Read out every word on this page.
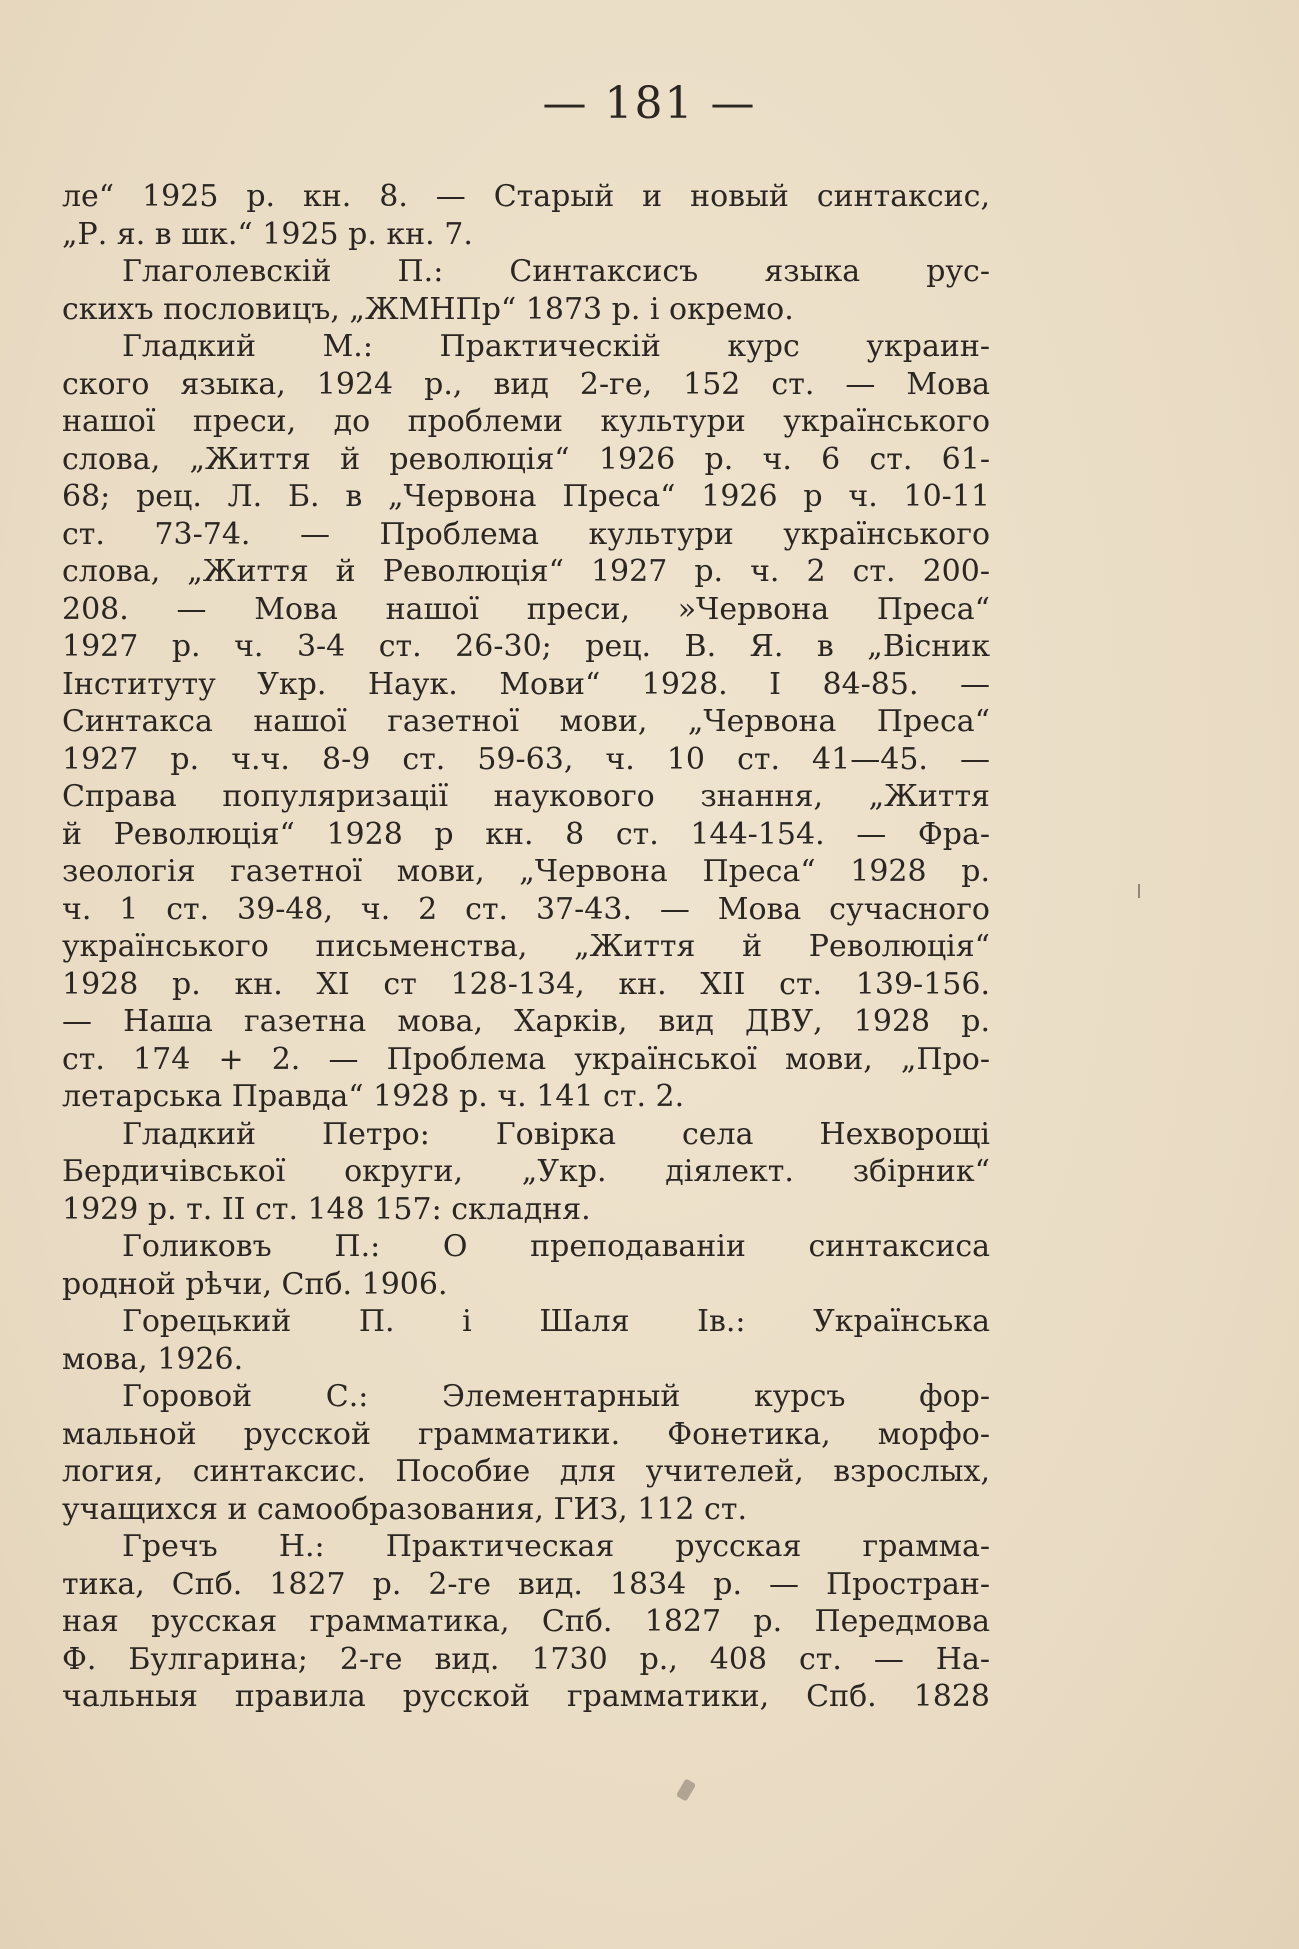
— 181 —
ле“ 1925 р. кн. 8. — Старый и новый синтаксис,
„Р. я. в шк.“ 1925 р. кн. 7.
Глаголевскій П.: Синтаксисъ языка рус-
скихъ пословицъ, „ЖМНПр“ 1873 р. і окремо.
Гладкий М.: Практическій курс украин-
ского языка, 1924 р., вид 2-ге, 152 ст. — Мова
нашої преси, до проблеми культури українського
слова, „Життя й революція“ 1926 р. ч. 6 ст. 61-
68; рец. Л. Б. в „Червона Преса“ 1926 р ч. 10-11
ст. 73-74. — Проблема культури українського
слова, „Життя й Революція“ 1927 р. ч. 2 ст. 200-
208. — Мова нашої преси, »Червона Преса“
1927 р. ч. 3-4 ст. 26-30; рец. В. Я. в „Вісник
Інституту Укр. Наук. Мови“ 1928. I 84-85. —
Синтакса нашої газетної мови, „Червона Преса“
1927 р. ч.ч. 8-9 ст. 59-63, ч. 10 ст. 41—45. —
Справа популяризації наукового знання, „Життя
й Революція“ 1928 р кн. 8 ст. 144-154. — Фра-
зеологія газетної мови, „Червона Преса“ 1928 р.
ч. 1 ст. 39-48, ч. 2 ст. 37-43. — Мова сучасного
українського письменства, „Життя й Революція“
1928 р. кн. XI ст 128-134, кн. XII ст. 139-156.
— Наша газетна мова, Харків, вид ДВУ, 1928 р.
ст. 174 + 2. — Проблема української мови, „Про-
летарська Правда“ 1928 р. ч. 141 ст. 2.
Гладкий Петро: Говірка села Нехворощі
Бердичівської округи, „Укр. діялект. збірник“
1929 р. т. II ст. 148 157: складня.
Голиковъ П.: О преподаваніи синтаксиса
родной рѣчи, Спб. 1906.
Горецький П. і Шаля Ів.: Українська
мова, 1926.
Горовой С.: Элементарный курсъ фор-
мальной русской грамматики. Фонетика, морфо-
логия, синтаксис. Пособие для учителей, взрослых,
учащихся и самообразования, ГИЗ, 112 ст.
Гречъ Н.: Практическая русская грамма-
тика, Спб. 1827 р. 2-ге вид. 1834 р. — Простран-
ная русская грамматика, Спб. 1827 р. Передмова
Ф. Булгарина; 2-ге вид. 1730 р., 408 ст. — На-
чальныя правила русской грамматики, Спб. 1828
